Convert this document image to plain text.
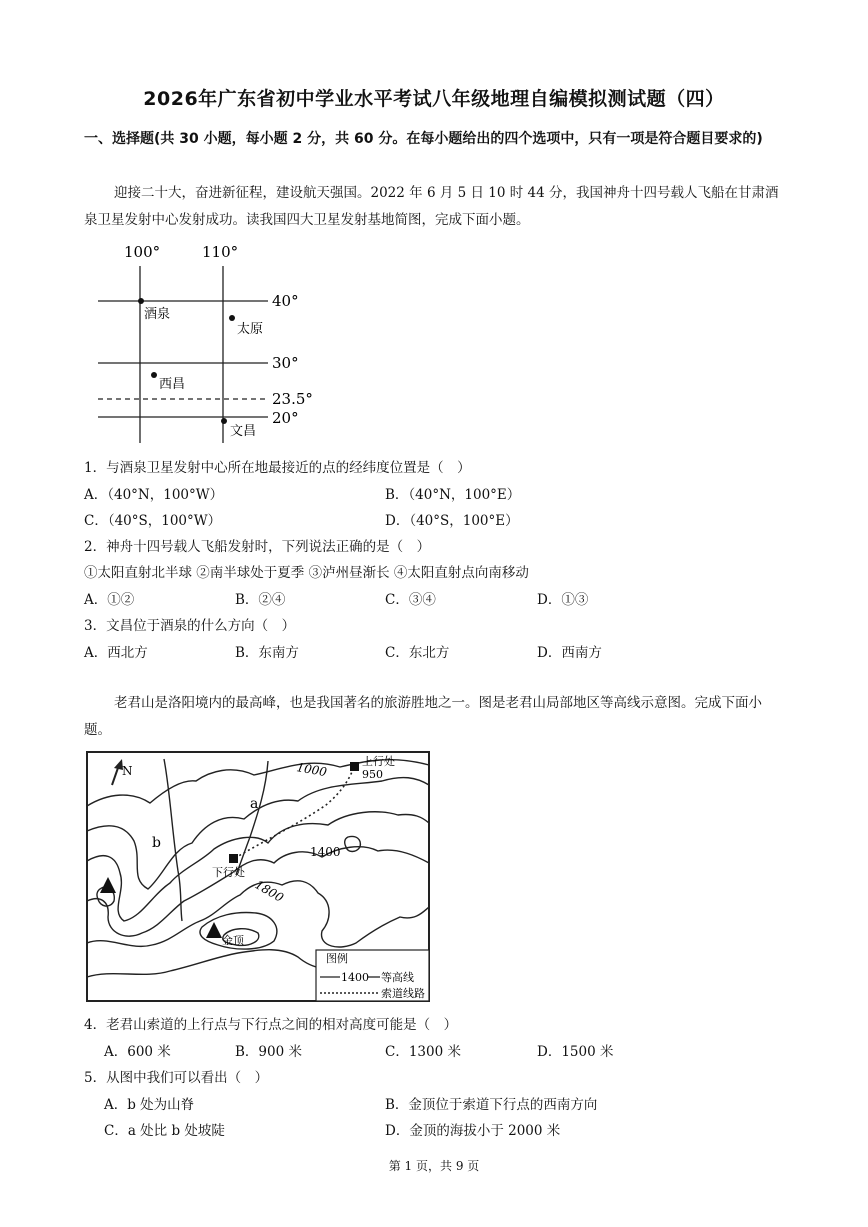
2026年广东省初中学业水平考试八年级地理自编模拟测试题（四）
一、选择题(共 30 小题，每小题 2 分，共 60 分。在每小题给出的四个选项中，只有一项是符合题目要求的)
迎接二十大，奋进新征程，建设航天强国。2022 年 6 月 5 日 10 时 44 分，我国神舟十四号载人飞船在甘肃酒泉卫星发射中心发射成功。读我国四大卫星发射基地简图，完成下面小题。
100°	110°
40°
30°
23.5°
20°
酒泉
太原
西昌
文昌
1．与酒泉卫星发射中心所在地最接近的点的经纬度位置是（　）
A．（40°N，100°W）	B．（40°N，100°E）
C．（40°S，100°W）	D．（40°S，100°E）
2．神舟十四号载人飞船发射时，下列说法正确的是（　）
①太阳直射北半球 ②南半球处于夏季 ③泸州昼渐长 ④太阳直射点向南移动
A．①②	B．②④	C．③④	D．①③
3．文昌位于酒泉的什么方向（　）
A．西北方	B．东南方	C．东北方	D．西南方
老君山是洛阳境内的最高峰，也是我国著名的旅游胜地之一。图是老君山局部地区等高线示意图。完成下面小题。
N	1000	950
上行处
a
b
1400
下行处
1800
金顶
图例
1400 等高线
索道线路
4．老君山索道的上行点与下行点之间的相对高度可能是（　）
A．600 米	B．900 米	C．1300 米	D．1500 米
5．从图中我们可以看出（　）
A．b 处为山脊	B．金顶位于索道下行点的西南方向
C．a 处比 b 处坡陡	D．金顶的海拔小于 2000 米
第 1 页，共 9 页
